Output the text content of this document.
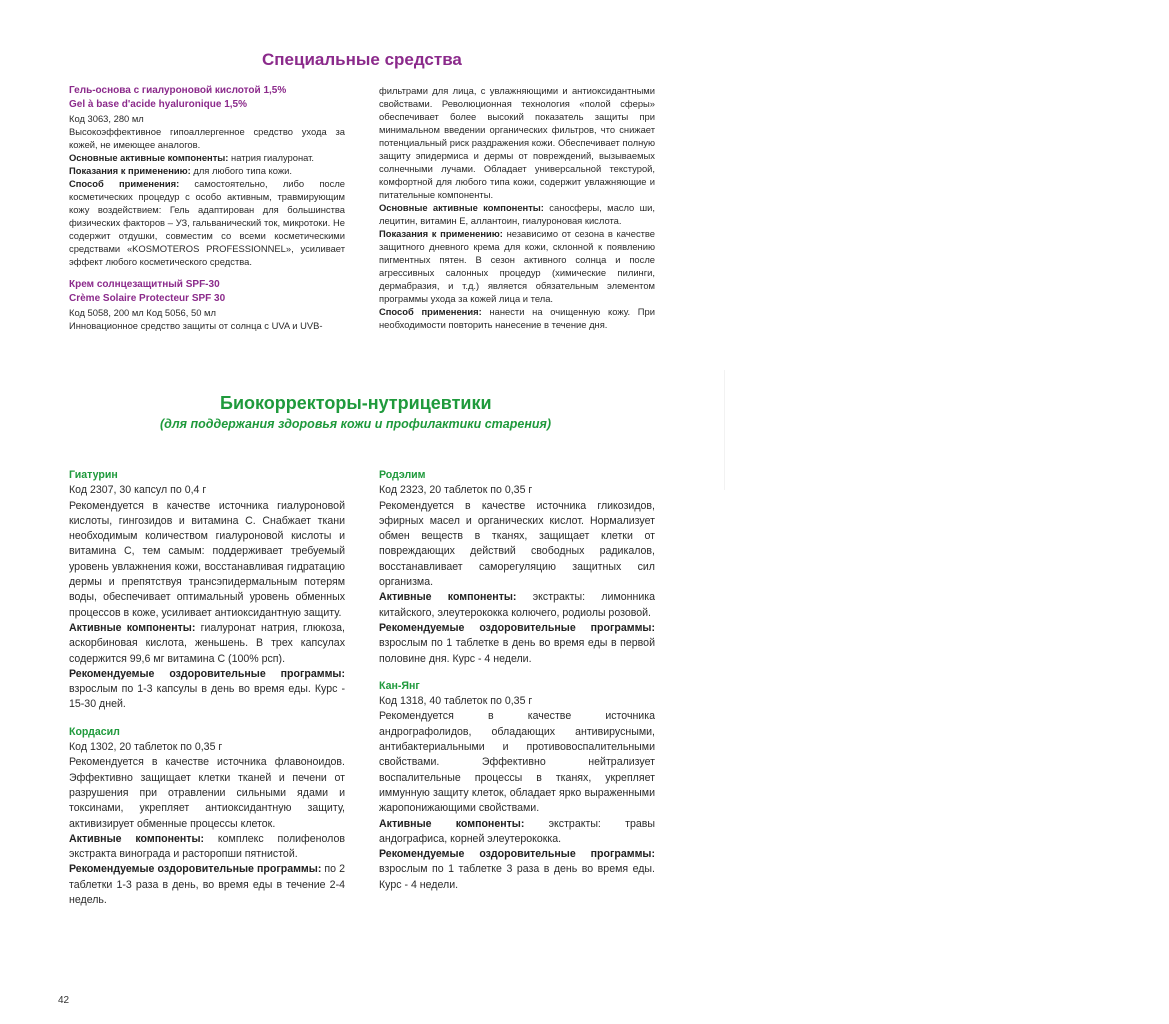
Специальные средства
Гель-основа с гиалуроновой кислотой 1,5%
Gel à base d'acide hyaluronique 1,5%

Код 3063, 280 мл

Высокоэффективное гипоаллергенное средство ухода за кожей, не имеющее аналогов.

Основные активные компоненты: натрия гиалуронат.

Показания к применению: для любого типа кожи.

Способ применения: самостоятельно, либо после косметических процедур с особо активным, травмирующим кожу воздействием: Гель адаптирован для большинства физических факторов – УЗ, гальванический ток, микротоки. Не содержит отдушки, совместим со всеми косметическими средствами «KOSMOTEROS PROFESSIONNEL», усиливает эффект любого косметического средства.

Крем солнцезащитный SPF-30
Crème Solaire Protecteur SPF 30

Код 5058, 200 мл Код 5056, 50 мл

Инновационное средство защиты от солнца с UVA и UVB-

фильтрами для лица, с увлажняющими и антиоксидантными свойствами. Революционная технология «полой сферы» обеспечивает более высокий показатель защиты при минимальном введении органических фильтров, что снижает потенциальный риск раздражения кожи. Обеспечивает полную защиту эпидермиса и дермы от повреждений, вызываемых солнечными лучами. Обладает универсальной текстурой, комфортной для любого типа кожи, содержит увлажняющие и питательные компоненты.

Основные активные компоненты: саносферы, масло ши, лецитин, витамин Е, аллантоин, гиалуроновая кислота.

Показания к применению: независимо от сезона в качестве защитного дневного крема для кожи, склонной к появлению пигментных пятен. В сезон активного солнца и после агрессивных салонных процедур (химические пилинги, дермабразия, и т.д.) является обязательным элементом программы ухода за кожей лица и тела.

Способ применения: нанести на очищенную кожу. При необходимости повторить нанесение в течение дня.

Биокорректоры-нутрицевтики
(для поддержания здоровья кожи и профилактики старения)
Гиатурин

Код 2307, 30 капсул по 0,4 г

Рекомендуется в качестве источника гиалуроновой кислоты, гингозидов и витамина С. Снабжает ткани необходимым количеством гиалуроновой кислоты и витамина С, тем самым: поддерживает требуемый уровень увлажнения кожи, восстанавливая гидратацию дермы и препятствуя трансэпидермальным потерям воды, обеспечивает оптимальный уровень обменных процессов в коже, усиливает антиоксидантную защиту.

Активные компоненты: гиалуронат натрия, глюкоза, аскорбиновая кислота, женьшень. В трех капсулах содержится 99,6 мг витамина С (100% рсп).

Рекомендуемые оздоровительные программы: взрослым по 1-3 капсулы в день во время еды. Курс - 15-30 дней.

Кордасил

Код 1302, 20 таблеток по 0,35 г

Рекомендуется в качестве источника флавоноидов. Эффективно защищает клетки тканей и печени от разрушения при отравлении сильными ядами и токсинами, укрепляет антиоксидантную защиту, активизирует обменные процессы клеток.

Активные компоненты: комплекс полифенолов экстракта винограда и расторопши пятнистой.

Рекомендуемые оздоровительные программы: по 2 таблетки 1-3 раза в день, во время еды в течение 2-4 недель.

Родэлим

Код 2323, 20 таблеток по 0,35 г

Рекомендуется в качестве источника гликозидов, эфирных масел и органических кислот. Нормализует обмен веществ в тканях, защищает клетки от повреждающих действий свободных радикалов, восстанавливает саморегуляцию защитных сил организма.

Активные компоненты: экстракты: лимонника китайского, элеутерококка колючего, родиолы розовой.

Рекомендуемые оздоровительные программы: взрослым по 1 таблетке в день во время еды в первой половине дня. Курс - 4 недели.

Кан-Янг

Код 1318, 40 таблеток по 0,35 г

Рекомендуется в качестве источника андрографолидов, обладающих антивирусными, антибактериальными и противовоспалительными свойствами. Эффективно нейтрализует воспалительные процессы в тканях, укрепляет иммунную защиту клеток, обладает ярко выраженными жаропонижающими свойствами.

Активные компоненты: экстракты: травы андографиса, корней элеутерококка.

Рекомендуемые оздоровительные программы: взрослым по 1 таблетке 3 раза в день во время еды. Курс - 4 недели.

42
